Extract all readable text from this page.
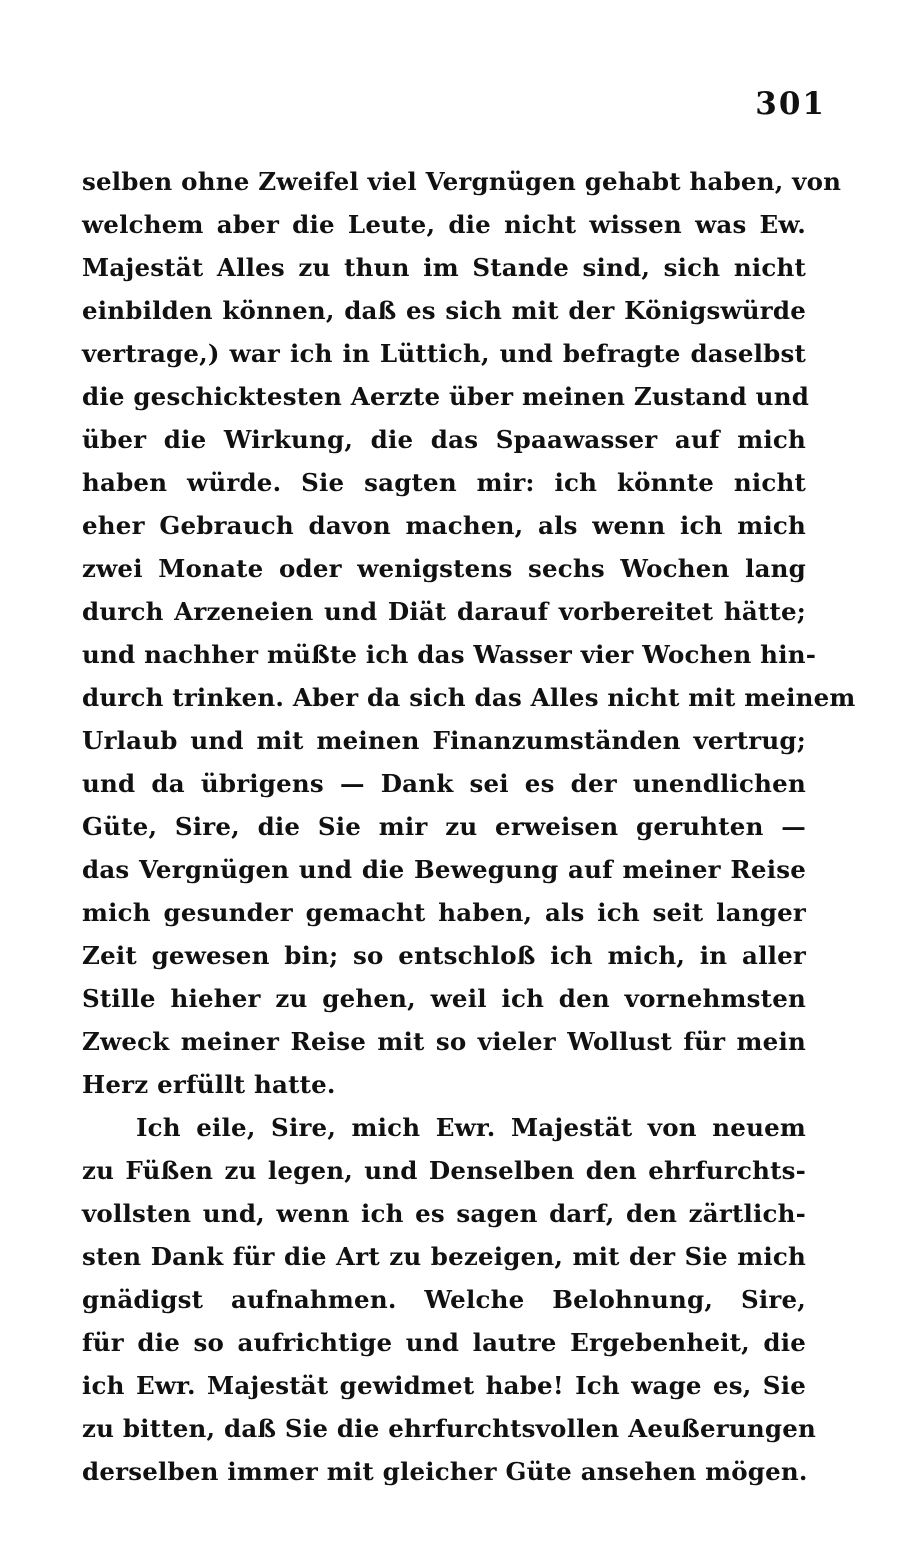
301
selben ohne Zweifel viel Vergnügen gehabt haben, von
welchem aber die Leute, die nicht wissen was Ew.
Majestät Alles zu thun im Stande sind, sich nicht
einbilden können, daß es sich mit der Königswürde
vertrage,) war ich in Lüttich, und befragte daselbst
die geschicktesten Aerzte über meinen Zustand und
über die Wirkung, die das Spaawasser auf mich
haben würde. Sie sagten mir: ich könnte nicht
eher Gebrauch davon machen, als wenn ich mich
zwei Monate oder wenigstens sechs Wochen lang
durch Arzeneien und Diät darauf vorbereitet hätte;
und nachher müßte ich das Wasser vier Wochen hin-
durch trinken. Aber da sich das Alles nicht mit meinem
Urlaub und mit meinen Finanzumständen vertrug;
und da übrigens — Dank sei es der unendlichen
Güte, Sire, die Sie mir zu erweisen geruhten —
das Vergnügen und die Bewegung auf meiner Reise
mich gesunder gemacht haben, als ich seit langer
Zeit gewesen bin; so entschloß ich mich, in aller
Stille hieher zu gehen, weil ich den vornehmsten
Zweck meiner Reise mit so vieler Wollust für mein
Herz erfüllt hatte.
Ich eile, Sire, mich Ewr. Majestät von neuem
zu Füßen zu legen, und Denselben den ehrfurchts-
vollsten und, wenn ich es sagen darf, den zärtlich-
sten Dank für die Art zu bezeigen, mit der Sie mich
gnädigst aufnahmen. Welche Belohnung, Sire,
für die so aufrichtige und lautre Ergebenheit, die
ich Ewr. Majestät gewidmet habe! Ich wage es, Sie
zu bitten, daß Sie die ehrfurchtsvollen Aeußerungen
derselben immer mit gleicher Güte ansehen mögen.
